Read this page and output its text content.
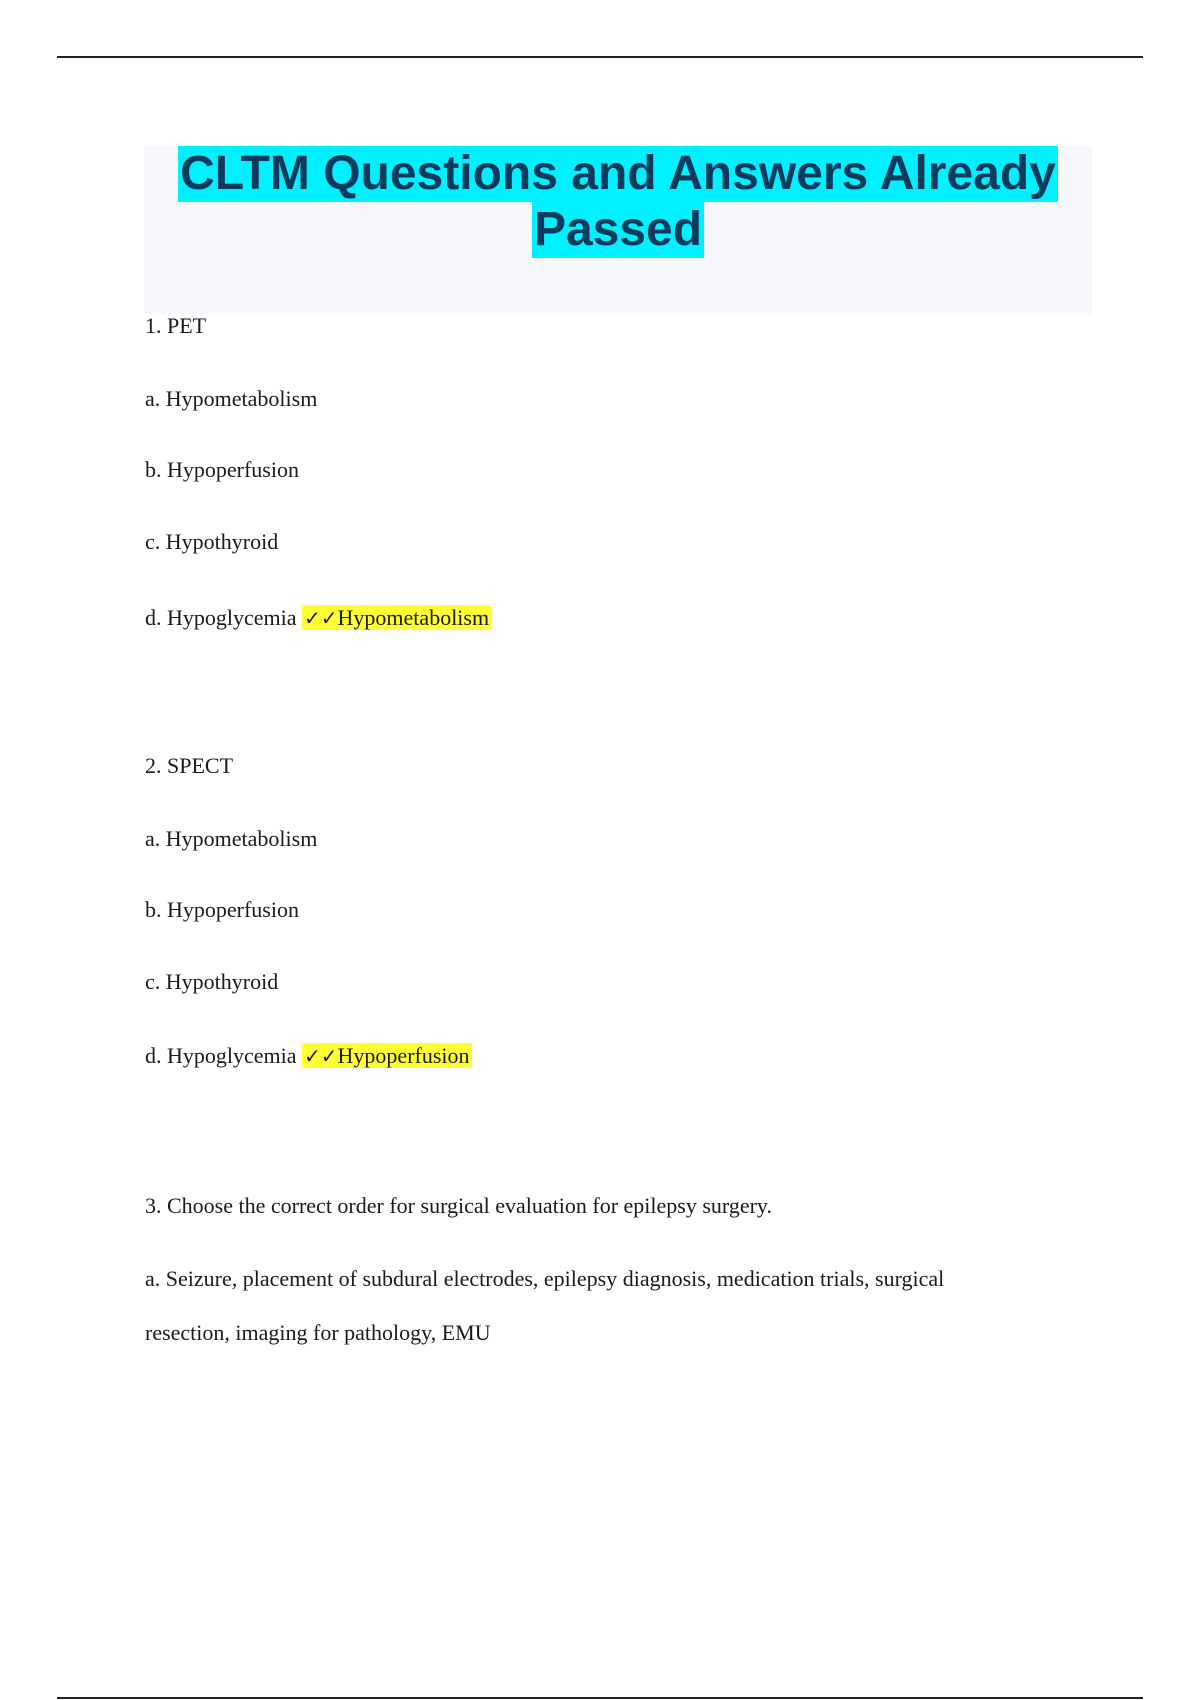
CLTM Questions and Answers Already
Passed
1. PET
a. Hypometabolism
b. Hypoperfusion
c. Hypothyroid
d. Hypoglycemia ✓✓Hypometabolism
2. SPECT
a. Hypometabolism
b. Hypoperfusion
c. Hypothyroid
d. Hypoglycemia ✓✓Hypoperfusion
3. Choose the correct order for surgical evaluation for epilepsy surgery.
a. Seizure, placement of subdural electrodes, epilepsy diagnosis, medication trials, surgical
resection, imaging for pathology, EMU
